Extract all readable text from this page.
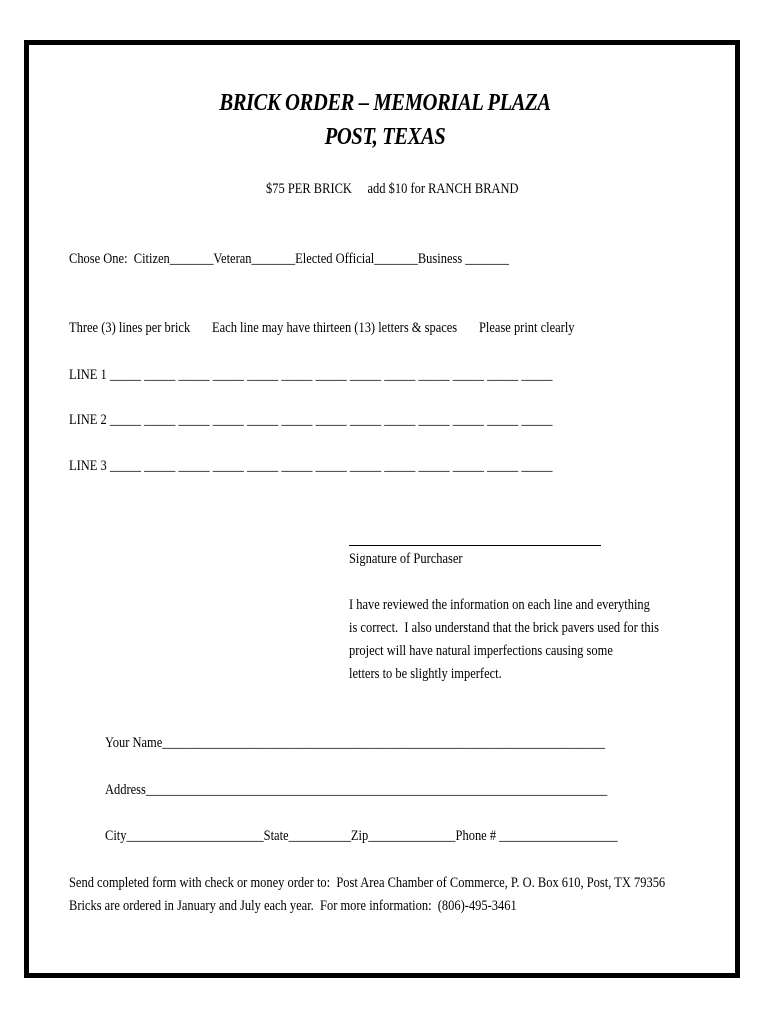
BRICK ORDER – MEMORIAL PLAZA
POST, TEXAS
$75 PER BRICK     add $10 for RANCH BRAND
Chose One:  Citizen_______Veteran_______Elected Official_______Business _______
Three (3) lines per brick       Each line may have thirteen (13) letters & spaces       Please print clearly
LINE 1 _____ _____ _____ _____ _____ _____ _____ _____ _____ _____ _____ _____ _____
LINE 2 _____ _____ _____ _____ _____ _____ _____ _____ _____ _____ _____ _____ _____
LINE 3 _____ _____ _____ _____ _____ _____ _____ _____ _____ _____ _____ _____ _____
Signature of Purchaser
I have reviewed the information on each line and everything
is correct.  I also understand that the brick pavers used for this
project will have natural imperfections causing some
letters to be slightly imperfect.
Your Name_______________________________________________________________________
Address__________________________________________________________________________
City______________________State__________Zip______________Phone # ___________________
Send completed form with check or money order to:  Post Area Chamber of Commerce, P. O. Box 610, Post, TX 79356
Bricks are ordered in January and July each year.  For more information:  (806)-495-3461
